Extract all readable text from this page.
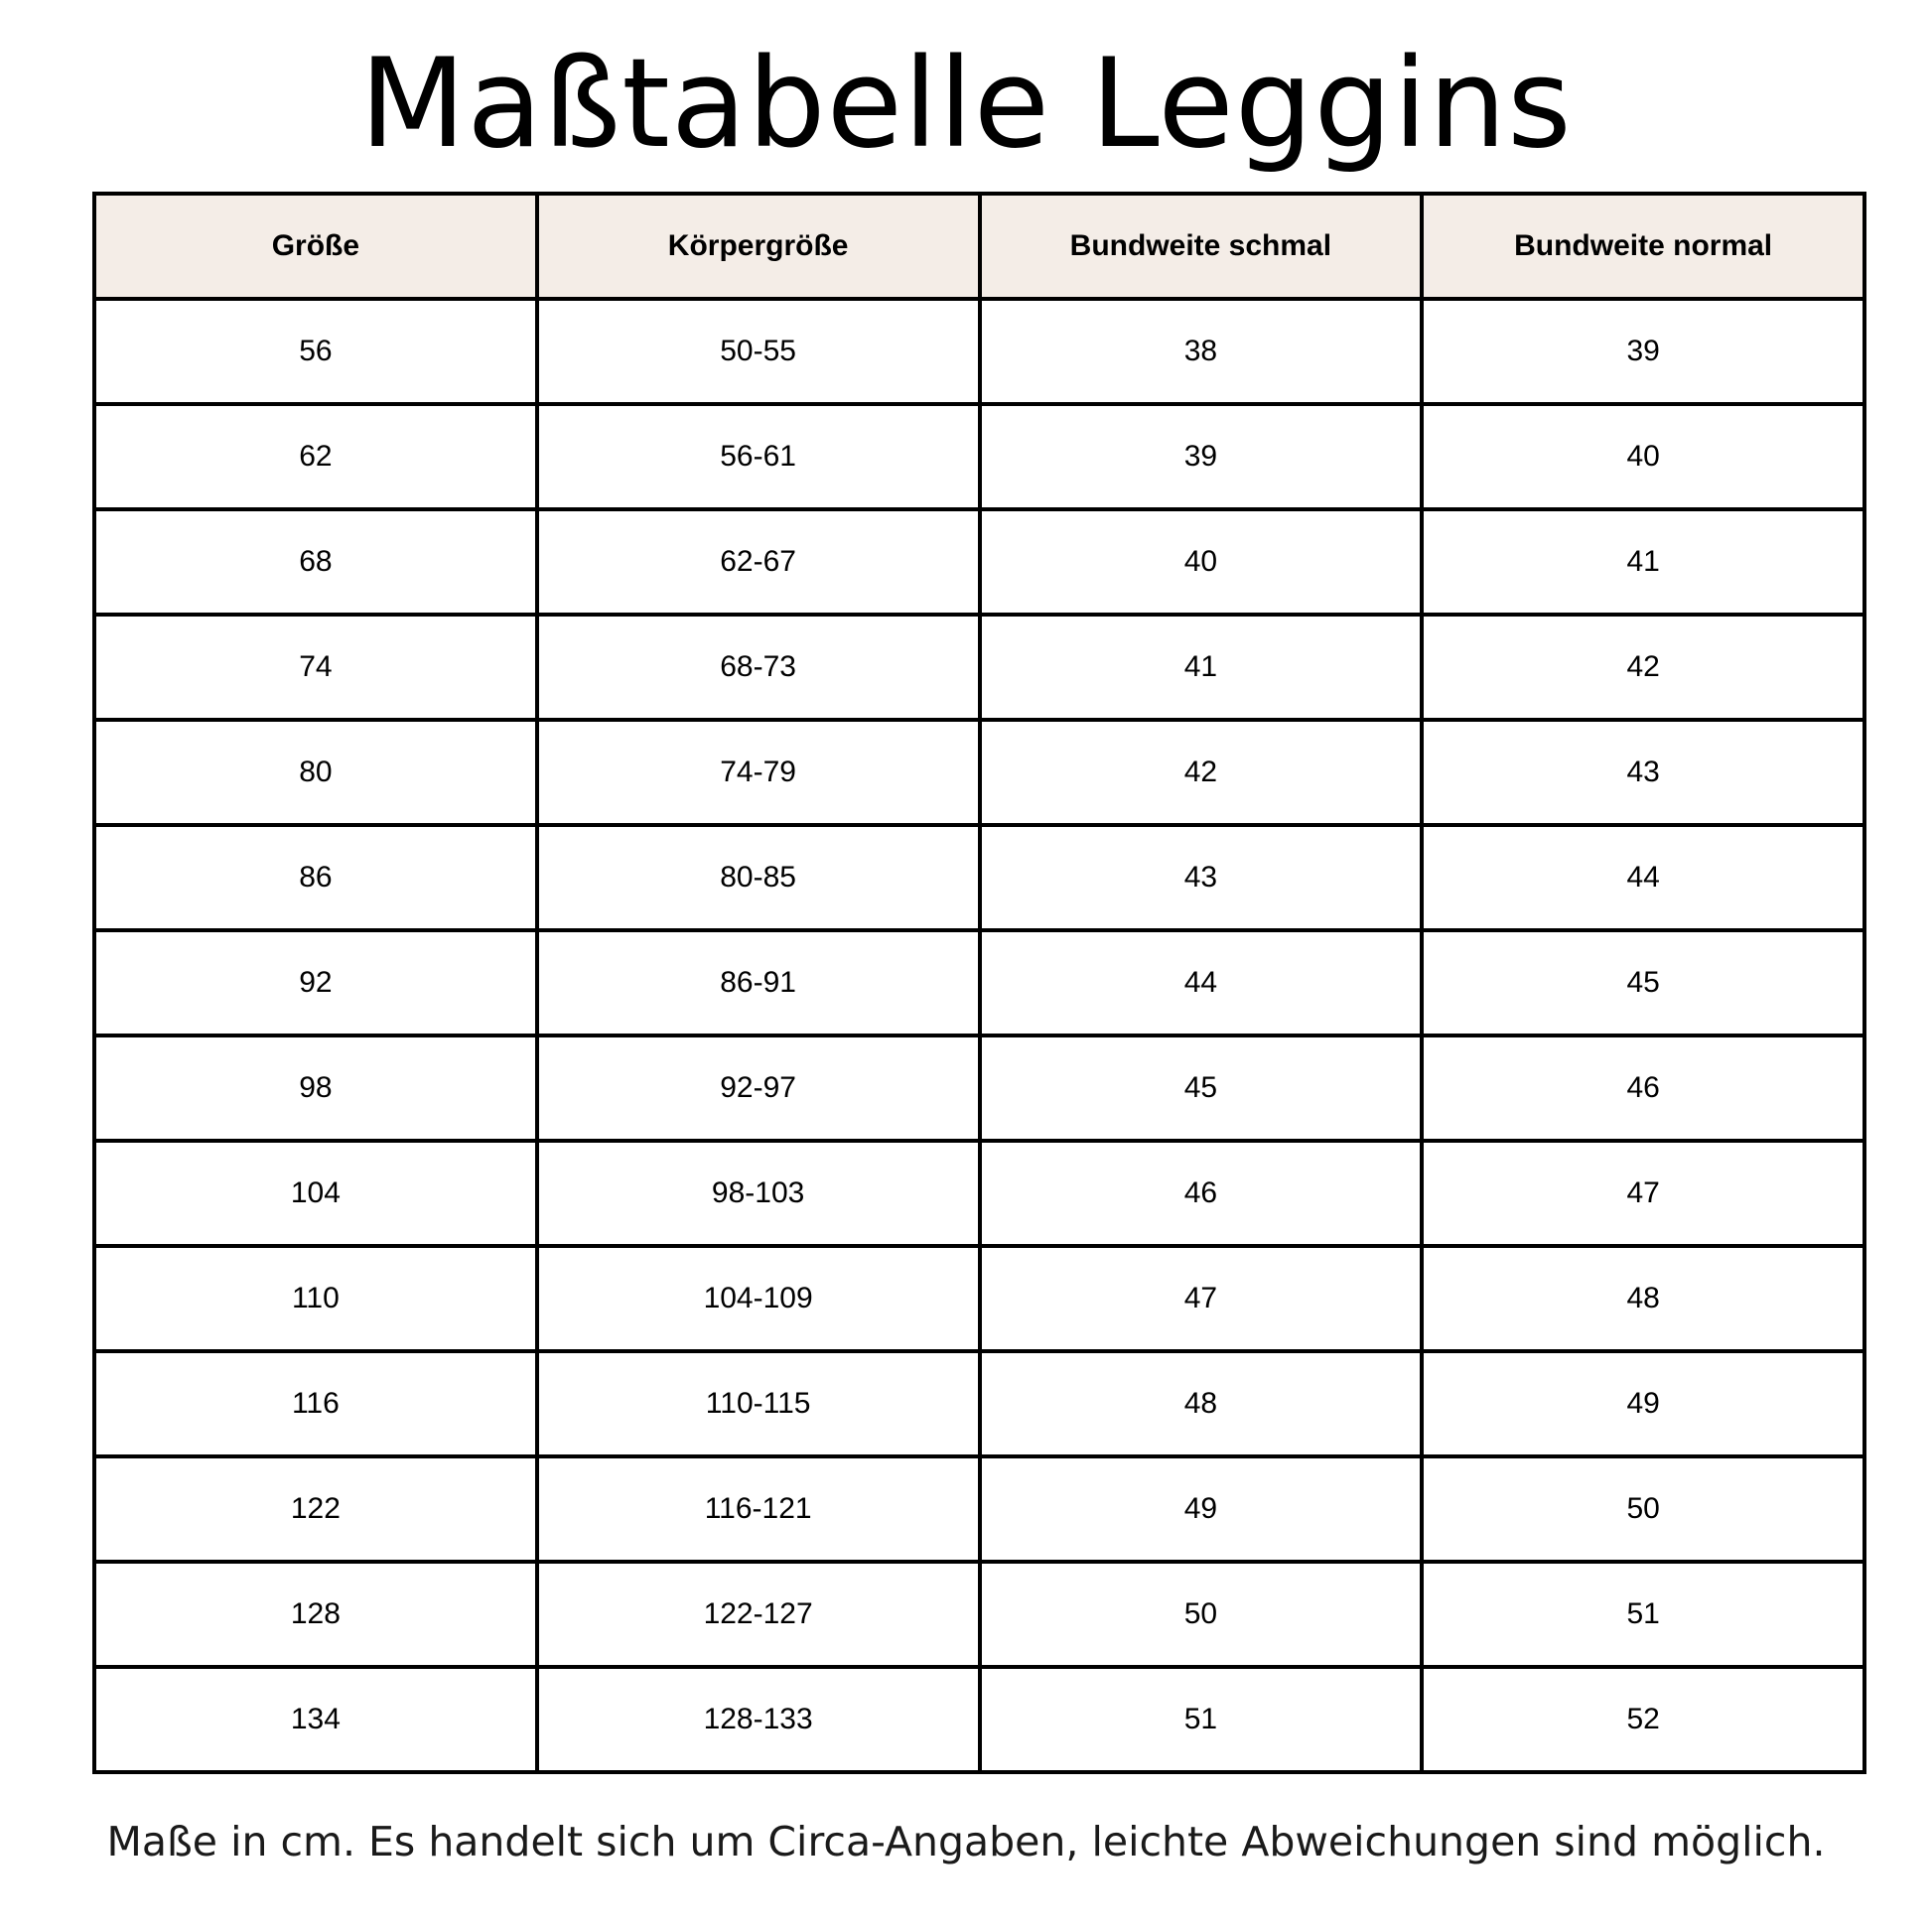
Maßtabelle Leggins
Größe	Körpergröße	Bundweite schmal	Bundweite normal
56	50-55	38	39
62	56-61	39	40
68	62-67	40	41
74	68-73	41	42
80	74-79	42	43
86	80-85	43	44
92	86-91	44	45
98	92-97	45	46
104	98-103	46	47
110	104-109	47	48
116	110-115	48	49
122	116-121	49	50
128	122-127	50	51
134	128-133	51	52
Maße in cm. Es handelt sich um Circa-Angaben, leichte Abweichungen sind möglich.
